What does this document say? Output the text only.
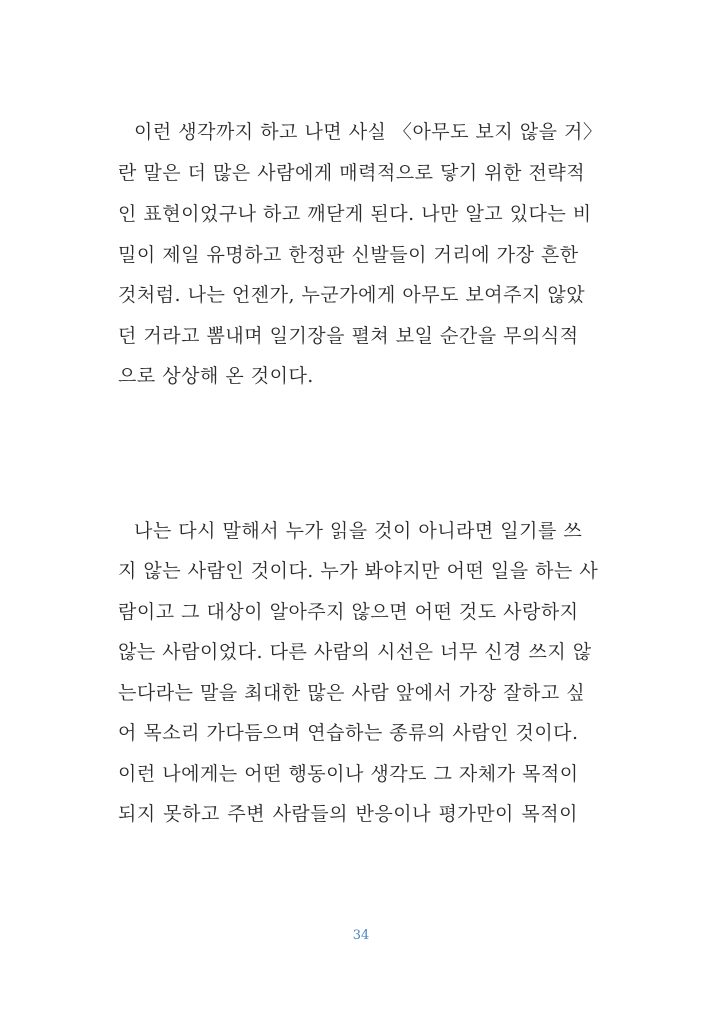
이런 생각까지 하고 나면 사실 〈아무도 보지 않을 거〉
란 말은 더 많은 사람에게 매력적으로 닿기 위한 전략적
인 표현이었구나 하고 깨닫게 된다. 나만 알고 있다는 비
밀이 제일 유명하고 한정판 신발들이 거리에 가장 흔한
것처럼. 나는 언젠가, 누군가에게 아무도 보여주지 않았
던 거라고 뽐내며 일기장을 펼쳐 보일 순간을 무의식적
으로 상상해 온 것이다.
나는 다시 말해서 누가 읽을 것이 아니라면 일기를 쓰
지 않는 사람인 것이다. 누가 봐야지만 어떤 일을 하는 사
람이고 그 대상이 알아주지 않으면 어떤 것도 사랑하지
않는 사람이었다. 다른 사람의 시선은 너무 신경 쓰지 않
는다라는 말을 최대한 많은 사람 앞에서 가장 잘하고 싶
어 목소리 가다듬으며 연습하는 종류의 사람인 것이다.
이런 나에게는 어떤 행동이나 생각도 그 자체가 목적이
되지 못하고 주변 사람들의 반응이나 평가만이 목적이
34
